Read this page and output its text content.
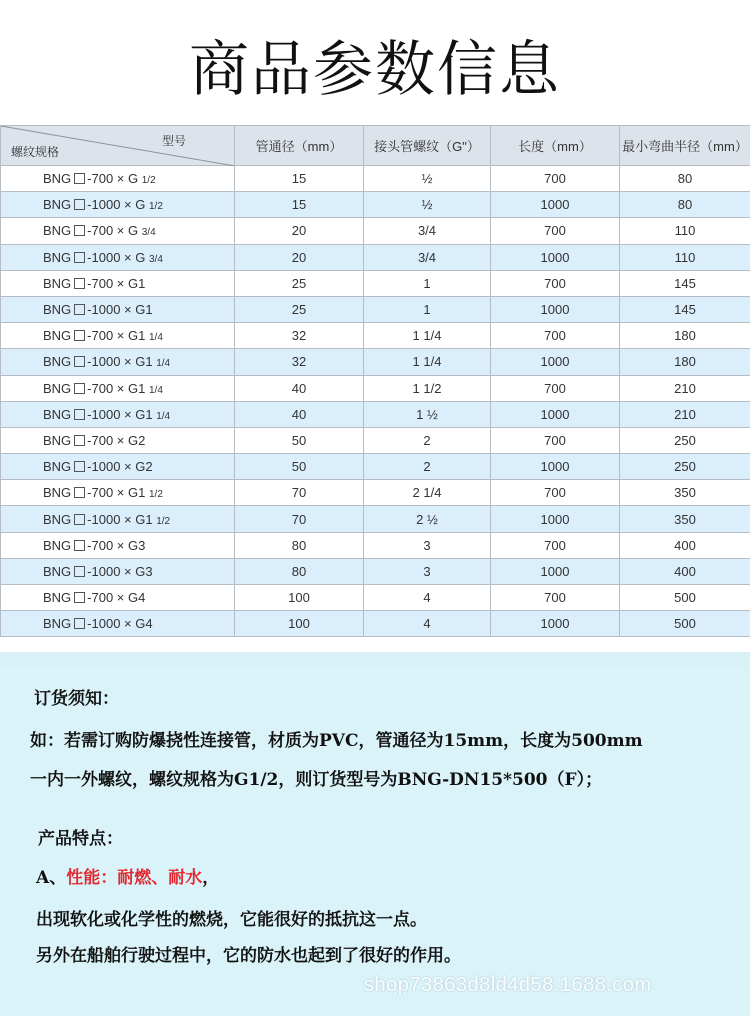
商品参数信息
型号
螺纹规格	管通径（mm）	接头管螺纹（G"）	长度（mm）	最小弯曲半径（mm）
BNG -700 × G 1/2	15	½	700	80
BNG -1000 × G 1/2	15	½	1000	80
BNG -700 × G 3/4	20	3/4	700	110
BNG -1000 × G 3/4	20	3/4	1000	110
BNG -700 × G1	25	1	700	145
BNG -1000 × G1	25	1	1000	145
BNG -700 × G1 1/4	32	1 1/4	700	180
BNG -1000 × G1 1/4	32	1 1/4	1000	180
BNG -700 × G1 1/4	40	1 1/2	700	210
BNG -1000 × G1 1/4	40	1 ½	1000	210
BNG -700 × G2	50	2	700	250
BNG -1000 × G2	50	2	1000	250
BNG -700 × G1 1/2	70	2 1/4	700	350
BNG -1000 × G1 1/2	70	2 ½	1000	350
BNG -700 × G3	80	3	700	400
BNG -1000 × G3	80	3	1000	400
BNG -700 × G4	100	4	700	500
BNG -1000 × G4	100	4	1000	500
订货须知：
如：若需订购防爆挠性连接管，材质为PVC，管通径为15mm，长度为500mm
一内一外螺纹，螺纹规格为G1/2，则订货型号为BNG-DN15*500（F）；
产品特点：
A、性能：耐燃、耐水，
出现软化或化学性的燃烧，它能很好的抵抗这一点。
另外在船舶行驶过程中，它的防水也起到了很好的作用。
shop73863d8ld4d58.1688.com
